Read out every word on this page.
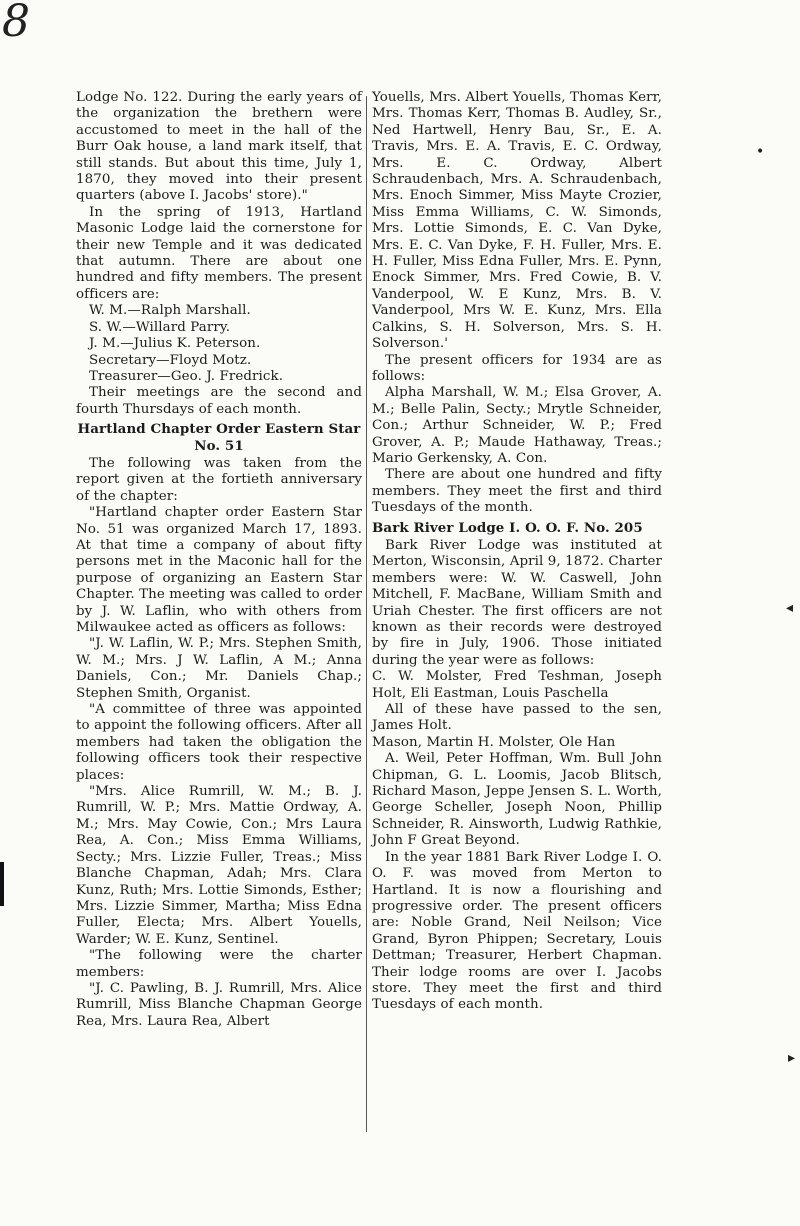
8

Lodge No. 122. During the early years of the organization the brethern were accustomed to meet in the hall of the Burr Oak house, a land mark itself, that still stands. But about this time, July 1, 1870, they moved into their present quarters (above I. Jacobs' store)."

In the spring of 1913, Hartland Masonic Lodge laid the cornerstone for their new Temple and it was dedicated that autumn. There are about one hundred and fifty members. The present officers are:

W. M.—Ralph Marshall.

S. W.—Willard Parry.

J. M.—Julius K. Peterson.

Secretary—Floyd Motz.

Treasurer—Geo. J. Fredrick.

Their meetings are the second and fourth Thursdays of each month.

Hartland Chapter Order Eastern Star No. 51

The following was taken from the report given at the fortieth anniversary of the chapter:

"Hartland chapter order Eastern Star No. 51 was organized March 17, 1893. At that time a company of about fifty persons met in the Maconic hall for the purpose of organizing an Eastern Star Chapter. The meeting was called to order by J. W. Laflin, who with others from Milwaukee acted as officers as follows:

"J. W. Laflin, W. P.; Mrs. Stephen Smith, W. M.; Mrs. J W. Laflin, A M.; Anna Daniels, Con.; Mr. Daniels Chap.; Stephen Smith, Organist.

"A committee of three was appointed to appoint the following officers. After all members had taken the obligation the following officers took their respective places:

"Mrs. Alice Rumrill, W. M.; B. J. Rumrill, W. P.; Mrs. Mattie Ordway, A. M.; Mrs. May Cowie, Con.; Mrs Laura Rea, A. Con.; Miss Emma Williams, Secty.; Mrs. Lizzie Fuller, Treas.; Miss Blanche Chapman, Adah; Mrs. Clara Kunz, Ruth; Mrs. Lottie Simonds, Esther; Mrs. Lizzie Simmer, Martha; Miss Edna Fuller, Electa; Mrs. Albert Youells, Warder; W. E. Kunz, Sentinel.

"The following were the charter members:

"J. C. Pawling, B. J. Rumrill, Mrs. Alice Rumrill, Miss Blanche Chapman George Rea, Mrs. Laura Rea, Albert

Youells, Mrs. Albert Youells, Thomas Kerr, Mrs. Thomas Kerr, Thomas B. Audley, Sr., Ned Hartwell, Henry Bau, Sr., E. A. Travis, Mrs. E. A. Travis, E. C. Ordway, Mrs. E. C. Ordway, Albert Schraudenbach, Mrs. A. Schraudenbach, Mrs. Enoch Simmer, Miss Mayte Crozier, Miss Emma Williams, C. W. Simonds, Mrs. Lottie Simonds, E. C. Van Dyke, Mrs. E. C. Van Dyke, F. H. Fuller, Mrs. E. H. Fuller, Miss Edna Fuller, Mrs. E. Pynn, Enock Simmer, Mrs. Fred Cowie, B. V. Vanderpool, W. E Kunz, Mrs. B. V. Vanderpool, Mrs W. E. Kunz, Mrs. Ella Calkins, S. H. Solverson, Mrs. S. H. Solverson.'

The present officers for 1934 are as follows:

Alpha Marshall, W. M.; Elsa Grover, A. M.; Belle Palin, Secty.; Mrytle Schneider, Con.; Arthur Schneider, W. P.; Fred Grover, A. P.; Maude Hathaway, Treas.; Mario Gerkensky, A. Con.

There are about one hundred and fifty members. They meet the first and third Tuesdays of the month.

Bark River Lodge I. O. O. F. No. 205

Bark River Lodge was instituted at Merton, Wisconsin, April 9, 1872. Charter members were: W. W. Caswell, John Mitchell, F. MacBane, William Smith and Uriah Chester. The first officers are not known as their records were destroyed by fire in July, 1906. Those initiated during the year were as follows:

C. W. Molster, Fred Teshman, Joseph Holt, Eli Eastman, Louis Paschella

All of these have passed to the sen, James Holt.

Mason, Martin H. Molster, Ole Han

A. Weil, Peter Hoffman, Wm. Bull John Chipman, G. L. Loomis, Jacob Blitsch, Richard Mason, Jeppe Jensen S. L. Worth, George Scheller, Joseph Noon, Phillip Schneider, R. Ainsworth, Ludwig Rathkie, John F Great Beyond.

In the year 1881 Bark River Lodge I. O. O. F. was moved from Merton to Hartland. It is now a flourishing and progressive order. The present officers are: Noble Grand, Neil Neilson; Vice Grand, Byron Phippen; Secretary, Louis Dettman; Treasurer, Herbert Chapman. Their lodge rooms are over I. Jacobs store. They meet the first and third Tuesdays of each month.

•
◂
▸
